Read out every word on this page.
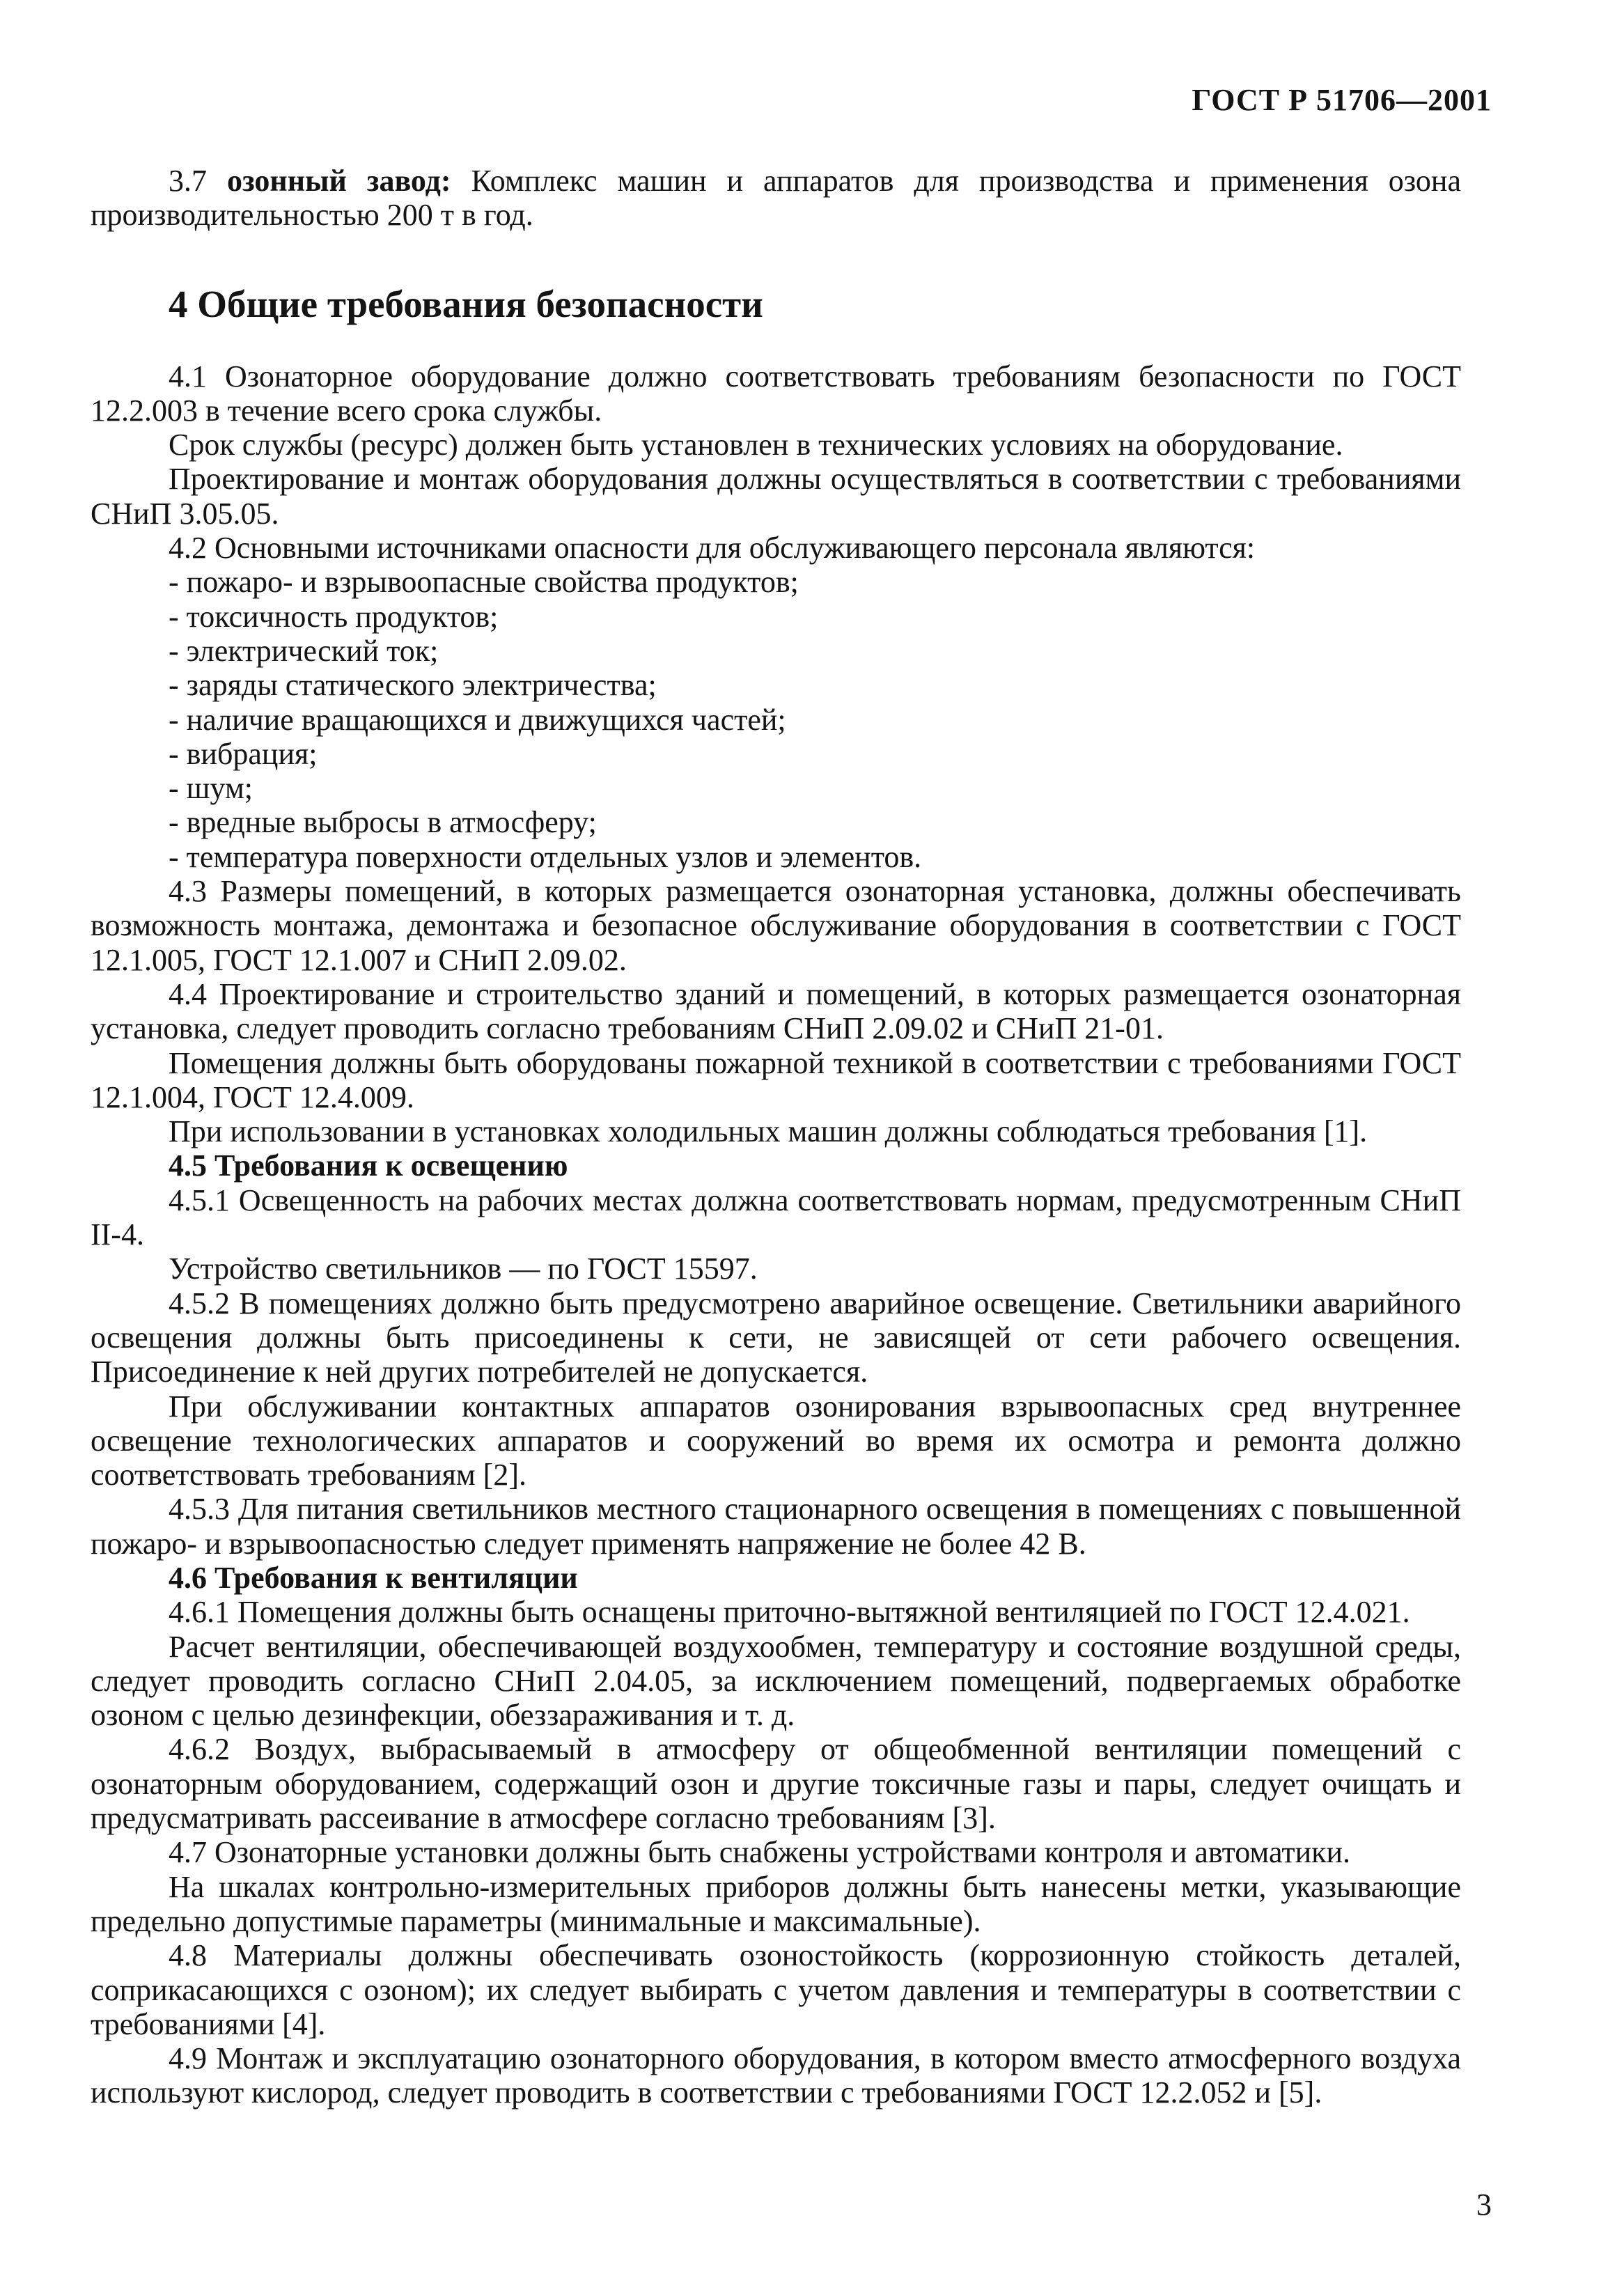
ГОСТ Р 51706—2001

3.7 озонный завод: Комплекс машин и аппаратов для производства и применения озона производительностью 200 т в год.

4 Общие требования безопасности

4.1 Озонаторное оборудование должно соответствовать требованиям безопасности по ГОСТ 12.2.003 в течение всего срока службы.

Срок службы (ресурс) должен быть установлен в технических условиях на оборудование.

Проектирование и монтаж оборудования должны осуществляться в соответствии с требованиями СНиП 3.05.05.

4.2 Основными источниками опасности для обслуживающего персонала являются:

- пожаро- и взрывоопасные свойства продуктов;

- токсичность продуктов;

- электрический ток;

- заряды статического электричества;

- наличие вращающихся и движущихся частей;

- вибрация;

- шум;

- вредные выбросы в атмосферу;

- температура поверхности отдельных узлов и элементов.

4.3 Размеры помещений, в которых размещается озонаторная установка, должны обеспечивать возможность монтажа, демонтажа и безопасное обслуживание оборудования в соответствии с ГОСТ 12.1.005, ГОСТ 12.1.007 и СНиП 2.09.02.

4.4 Проектирование и строительство зданий и помещений, в которых размещается озонаторная установка, следует проводить согласно требованиям СНиП 2.09.02 и СНиП 21-01.

Помещения должны быть оборудованы пожарной техникой в соответствии с требованиями ГОСТ 12.1.004, ГОСТ 12.4.009.

При использовании в установках холодильных машин должны соблюдаться требования [1].

4.5 Требования к освещению

4.5.1 Освещенность на рабочих местах должна соответствовать нормам, предусмотренным СНиП II-4.

Устройство светильников — по ГОСТ 15597.

4.5.2 В помещениях должно быть предусмотрено аварийное освещение. Светильники аварийного освещения должны быть присоединены к сети, не зависящей от сети рабочего освещения. Присоединение к ней других потребителей не допускается.

При обслуживании контактных аппаратов озонирования взрывоопасных сред внутреннее освещение технологических аппаратов и сооружений во время их осмотра и ремонта должно соответствовать требованиям [2].

4.5.3 Для питания светильников местного стационарного освещения в помещениях с повышенной пожаро- и взрывоопасностью следует применять напряжение не более 42 В.

4.6 Требования к вентиляции

4.6.1 Помещения должны быть оснащены приточно-вытяжной вентиляцией по ГОСТ 12.4.021.

Расчет вентиляции, обеспечивающей воздухообмен, температуру и состояние воздушной среды, следует проводить согласно СНиП 2.04.05, за исключением помещений, подвергаемых обработке озоном с целью дезинфекции, обеззараживания и т. д.

4.6.2 Воздух, выбрасываемый в атмосферу от общеобменной вентиляции помещений с озонаторным оборудованием, содержащий озон и другие токсичные газы и пары, следует очищать и предусматривать рассеивание в атмосфере согласно требованиям [3].

4.7 Озонаторные установки должны быть снабжены устройствами контроля и автоматики.

На шкалах контрольно-измерительных приборов должны быть нанесены метки, указывающие предельно допустимые параметры (минимальные и максимальные).

4.8 Материалы должны обеспечивать озоностойкость (коррозионную стойкость деталей, соприкасающихся с озоном); их следует выбирать с учетом давления и температуры в соответствии с требованиями [4].

4.9 Монтаж и эксплуатацию озонаторного оборудования, в котором вместо атмосферного воздуха используют кислород, следует проводить в соответствии с требованиями ГОСТ 12.2.052 и [5].

3
